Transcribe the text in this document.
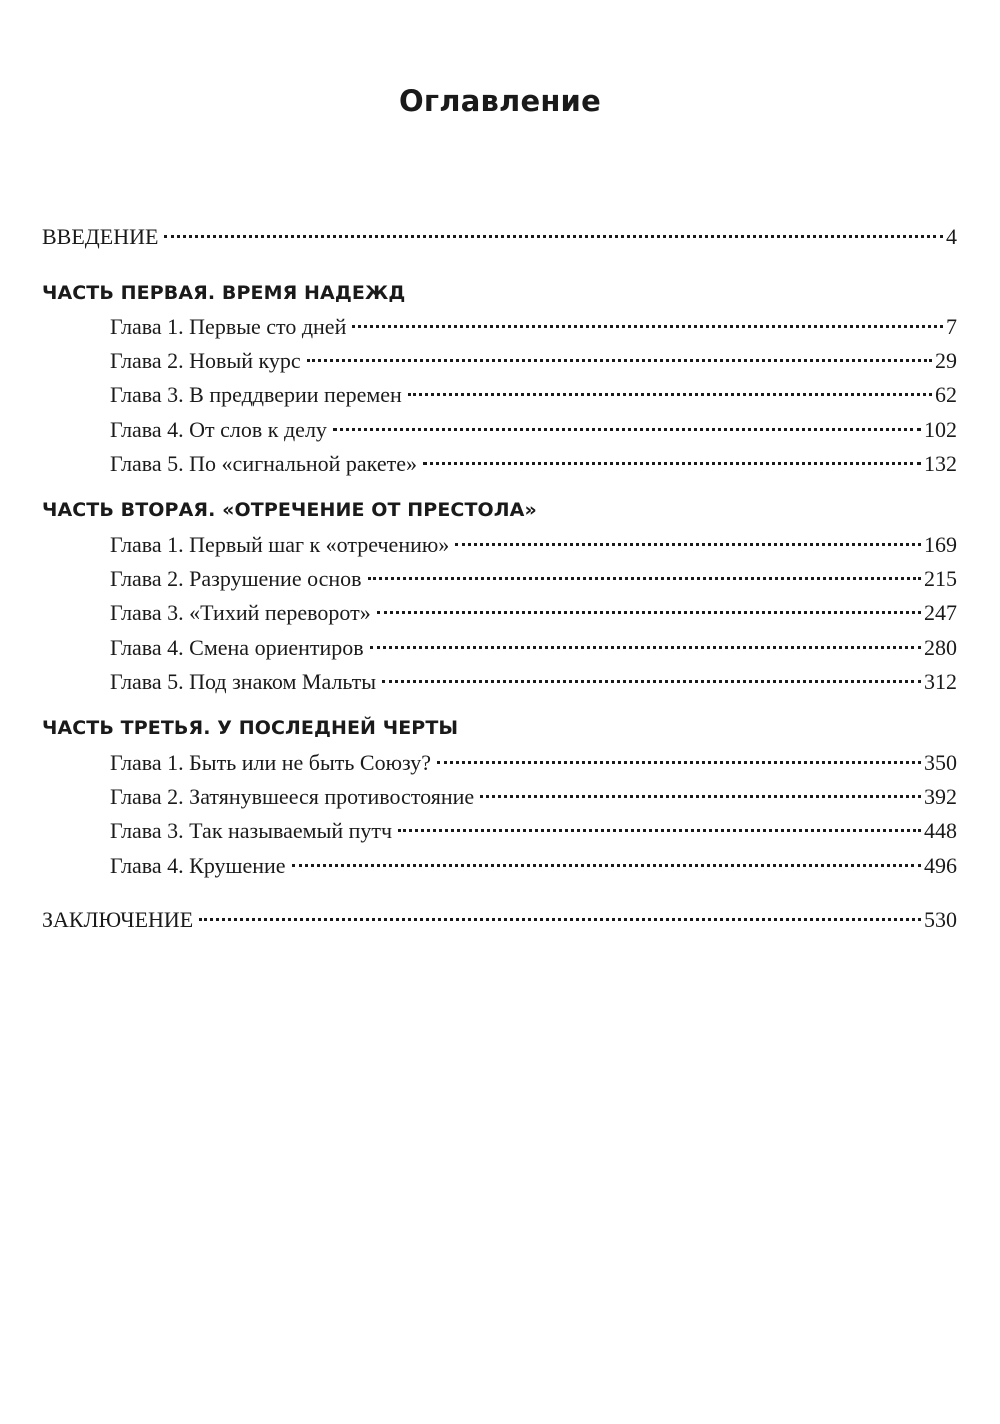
Оглавление
ВВЕДЕНИЕ	4
ЧАСТЬ ПЕРВАЯ. ВРЕМЯ НАДЕЖД
Глава 1. Первые сто дней	7
Глава 2. Новый курс	29
Глава 3. В преддверии перемен	62
Глава 4. От слов к делу	102
Глава 5. По «сигнальной ракете»	132
ЧАСТЬ ВТОРАЯ. «ОТРЕЧЕНИЕ ОТ ПРЕСТОЛА»
Глава 1. Первый шаг к «отречению»	169
Глава 2. Разрушение основ	215
Глава 3. «Тихий переворот»	247
Глава 4. Смена ориентиров	280
Глава 5. Под знаком Мальты	312
ЧАСТЬ ТРЕТЬЯ. У ПОСЛЕДНЕЙ ЧЕРТЫ
Глава 1. Быть или не быть Союзу?	350
Глава 2. Затянувшееся противостояние	392
Глава 3. Так называемый путч	448
Глава 4. Крушение	496
ЗАКЛЮЧЕНИЕ	530
